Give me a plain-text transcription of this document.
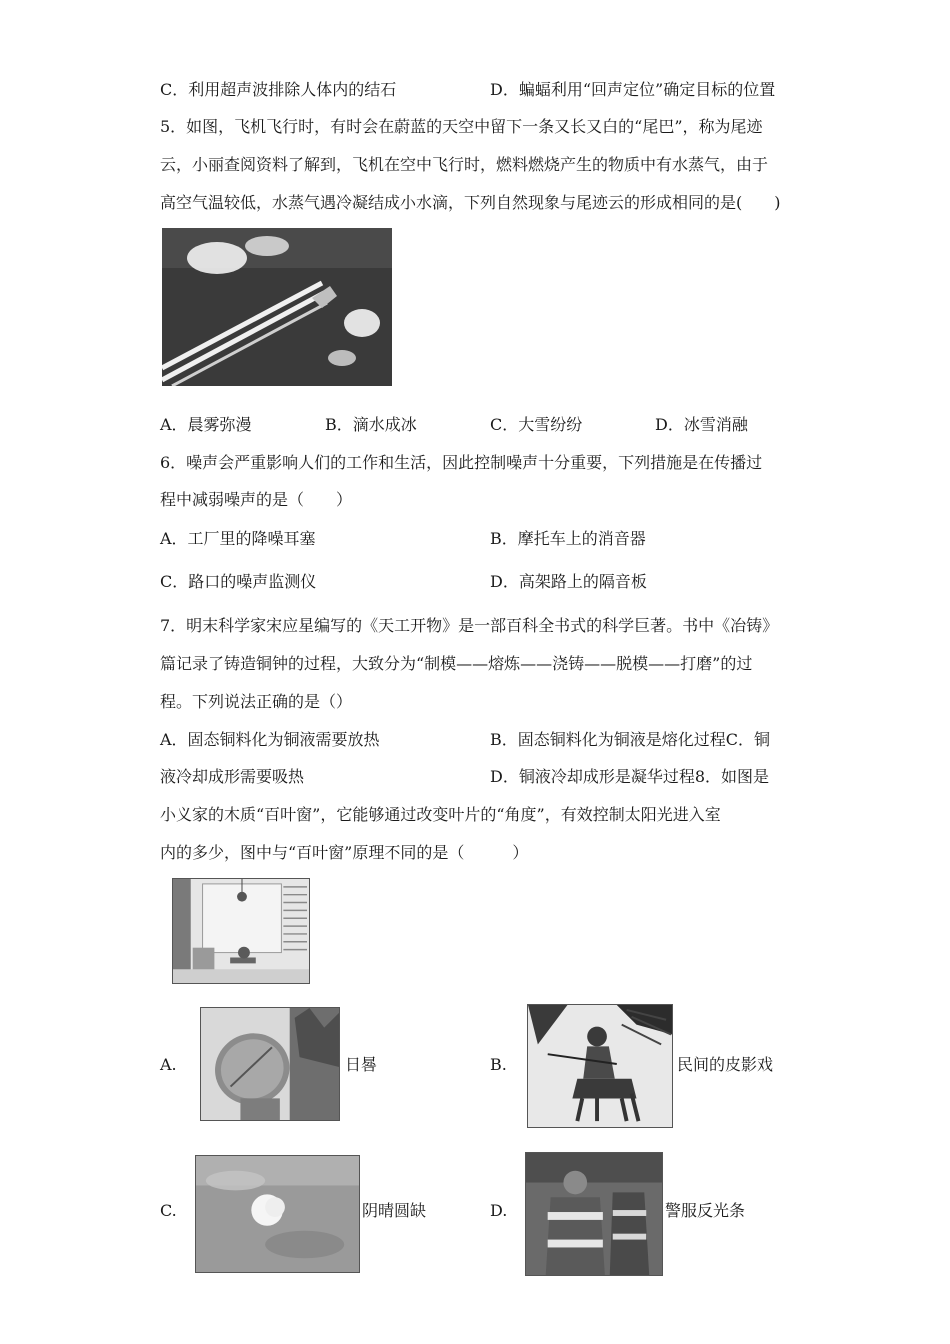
C．利用超声波排除人体内的结石	D．蝙蝠利用“回声定位”确定目标的位置
5．如图，飞机飞行时，有时会在蔚蓝的天空中留下一条又长又白的“尾巴”，称为尾迹
云，小丽查阅资料了解到，飞机在空中飞行时，燃料燃烧产生的物质中有水蒸气，由于
高空气温较低，水蒸气遇冷凝结成小水滴，下列自然现象与尾迹云的形成相同的是(　　)
A．晨雾弥漫	B．滴水成冰	C．大雪纷纷	D．冰雪消融
6．噪声会严重影响人们的工作和生活，因此控制噪声十分重要，下列措施是在传播过
程中减弱噪声的是（　　）
A．工厂里的降噪耳塞	B．摩托车上的消音器
C．路口的噪声监测仪	D．高架路上的隔音板
7．明末科学家宋应星编写的《天工开物》是一部百科全书式的科学巨著。书中《冶铸》
篇记录了铸造铜钟的过程，大致分为“制模——熔炼——浇铸——脱模——打磨”的过
程。下列说法正确的是（）
A．固态铜料化为铜液需要放热	B．固态铜料化为铜液是熔化过程C．铜
液冷却成形需要吸热	D．铜液冷却成形是凝华过程8．如图是
小义家的木质“百叶窗”，它能够通过改变叶片的“角度”，有效控制太阳光进入室
内的多少，图中与“百叶窗”原理不同的是（　　　）
A.	日晷	B.	民间的皮影戏
C.	阴晴圆缺	D.	警服反光条
